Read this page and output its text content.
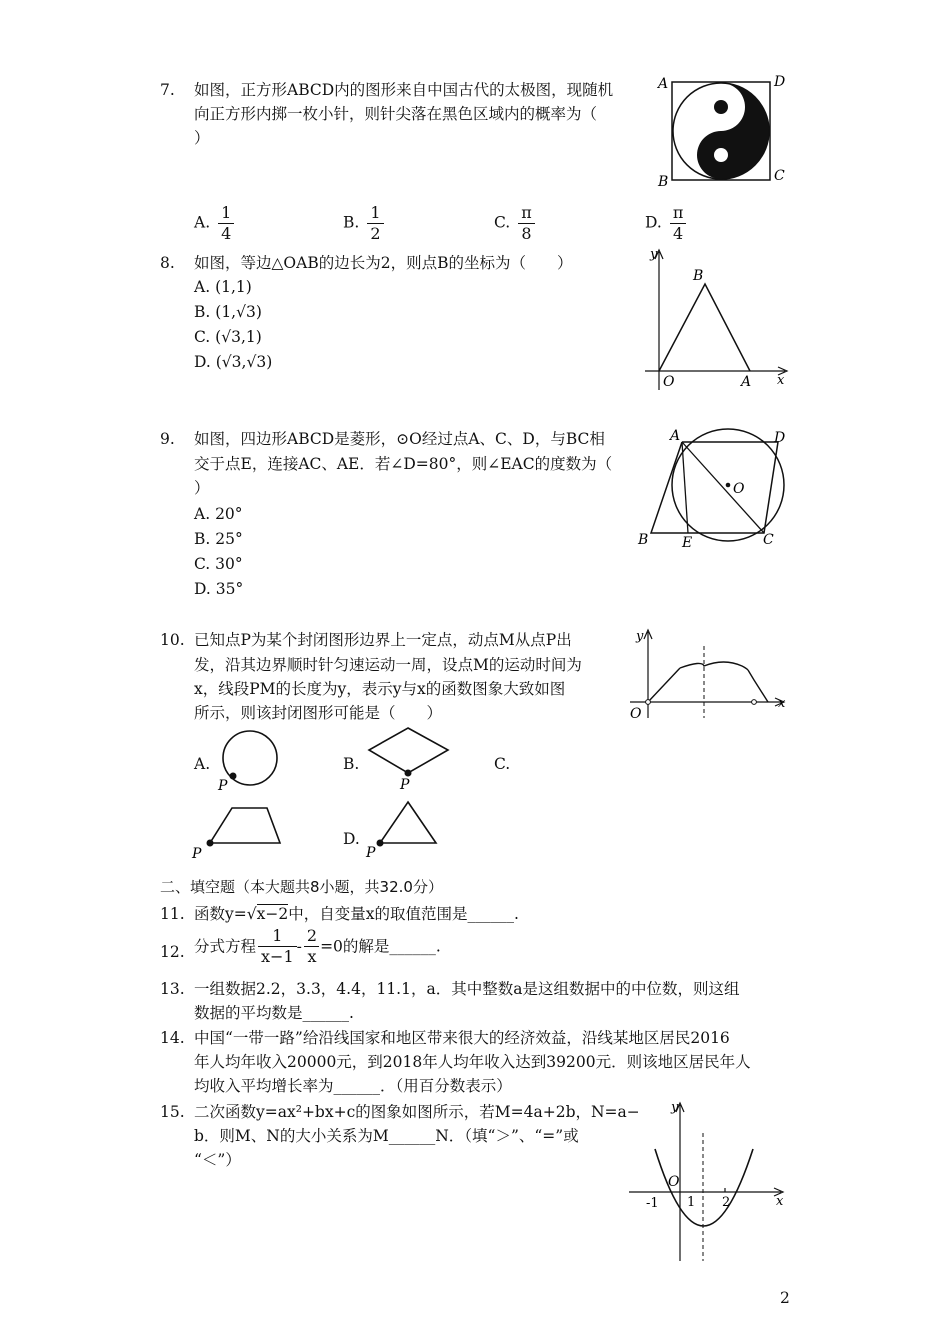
7. 如图，正方形ABCD内的图形来自中国古代的太极图，现随机
向正方形内掷一枚小针，则针尖落在黑色区域内的概率为（
）
A	D
B	C
A. $\frac{1}{4}$	B. $\frac{1}{2}$	C. $\frac{\pi}{8}$	D. $\frac{\pi}{4}$
8. 如图，等边△OAB的边长为2，则点B的坐标为（　　）
A. (1,1)
B. (1,√3)
C. (√3,1)
D. (√3,√3)
y
B
O	A x
9. 如图，四边形ABCD是菱形，⊙O经过点A、C、D，与BC相
交于点E，连接AC、AE．若∠D=80°，则∠EAC的度数为（
）
A. 20°
B. 25°
C. 30°
D. 35°
A	D
O
B E	C
10. 已知点P为某个封闭图形边界上一定点，动点M从点P出
发，沿其边界顺时针匀速运动一周，设点M的运动时间为
x，线段PM的长度为y，表示y与x的函数图象大致如图
所示，则该封闭图形可能是（　　）
y
O
x
A.
P
B.
P
C.
P
D.
P
二、填空题（本大题共8小题，共32.0分）
11. 函数y=√x−2中，自变量x的取值范围是______.
12. 分式方程 $\frac{1}{x-1} - \frac{2}{x} =0$的解是______.
13. 一组数据2.2，3.3，4.4，11.1，a．其中整数a是这组数据中的中位数，则这组
数据的平均数是______.
14. 中国“一带一路”给沿线国家和地区带来很大的经济效益，沿线某地区居民2016
年人均年收入20000元，到2018年人均年收入达到39200元．则该地区居民年人
均收入平均增长率为______．（用百分数表示）
15. 二次函数y=ax²+bx+c的图象如图所示，若M=4a+2b，N=a−
b．则M、N的大小关系为M______N．（填“＞”、“=”或
“＜”）
y
O
-1 1 2	x
2
